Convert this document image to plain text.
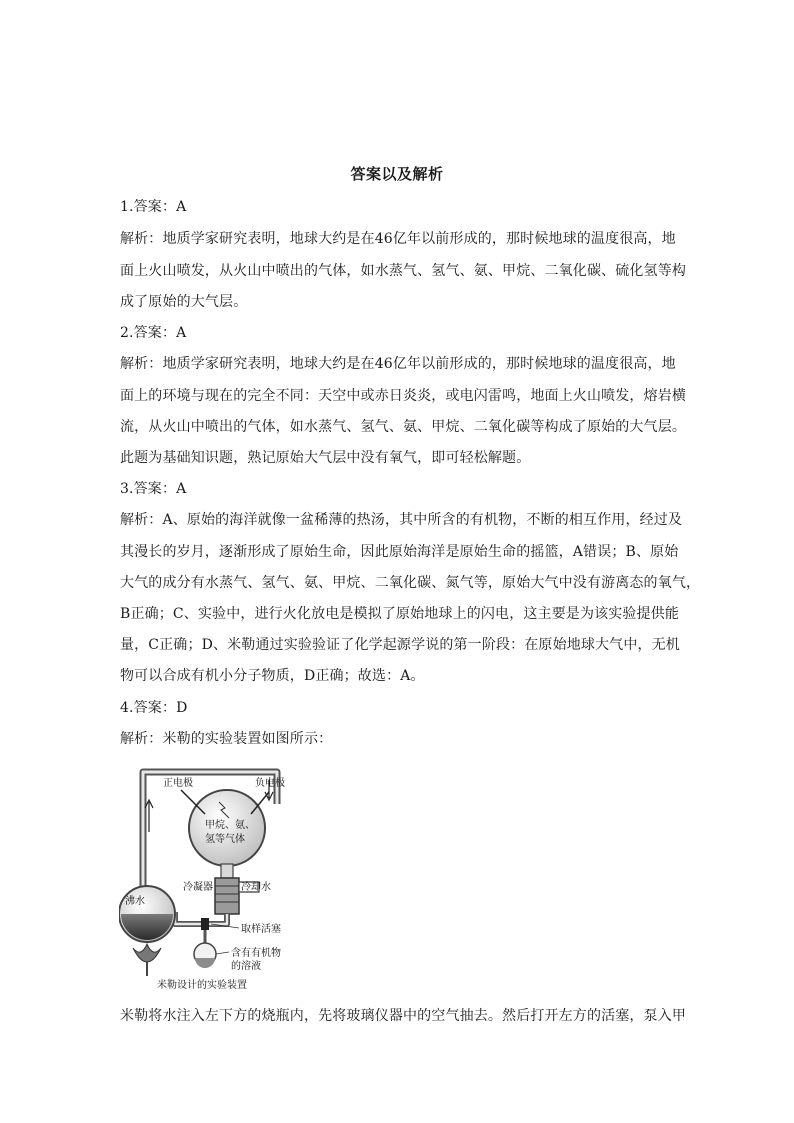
答案以及解析
1.答案：A
解析：地质学家研究表明，地球大约是在46亿年以前形成的，那时候地球的温度很高，地
面上火山喷发，从火山中喷出的气体，如水蒸气、氢气、氨、甲烷、二氧化碳、硫化氢等构
成了原始的大气层。
2.答案：A
解析：地质学家研究表明，地球大约是在46亿年以前形成的，那时候地球的温度很高，地
面上的环境与现在的完全不同：天空中或赤日炎炎，或电闪雷鸣，地面上火山喷发，熔岩横
流，从火山中喷出的气体，如水蒸气、氢气、氨、甲烷、二氧化碳等构成了原始的大气层。
此题为基础知识题，熟记原始大气层中没有氧气，即可轻松解题。
3.答案：A
解析：A、原始的海洋就像一盆稀薄的热汤，其中所含的有机物，不断的相互作用，经过及
其漫长的岁月，逐渐形成了原始生命，因此原始海洋是原始生命的摇篮，A错误；B、原始
大气的成分有水蒸气、氢气、氨、甲烷、二氧化碳、氮气等，原始大气中没有游离态的氧气，
B正确；C、实验中，进行火化放电是模拟了原始地球上的闪电，这主要是为该实验提供能
量，C正确；D、米勒通过实验验证了化学起源学说的第一阶段：在原始地球大气中，无机
物可以合成有机小分子物质，D正确；故选：A。
4.答案：D
解析：米勒的实验装置如图所示：
正电极	负电极
甲烷、氨、
氢等气体
冷凝器	冷却水
取样活塞
沸水
含有有机物
的溶液
米勒设计的实验装置
米勒将水注入左下方的烧瓶内，先将玻璃仪器中的空气抽去。然后打开左方的活塞，泵入甲
